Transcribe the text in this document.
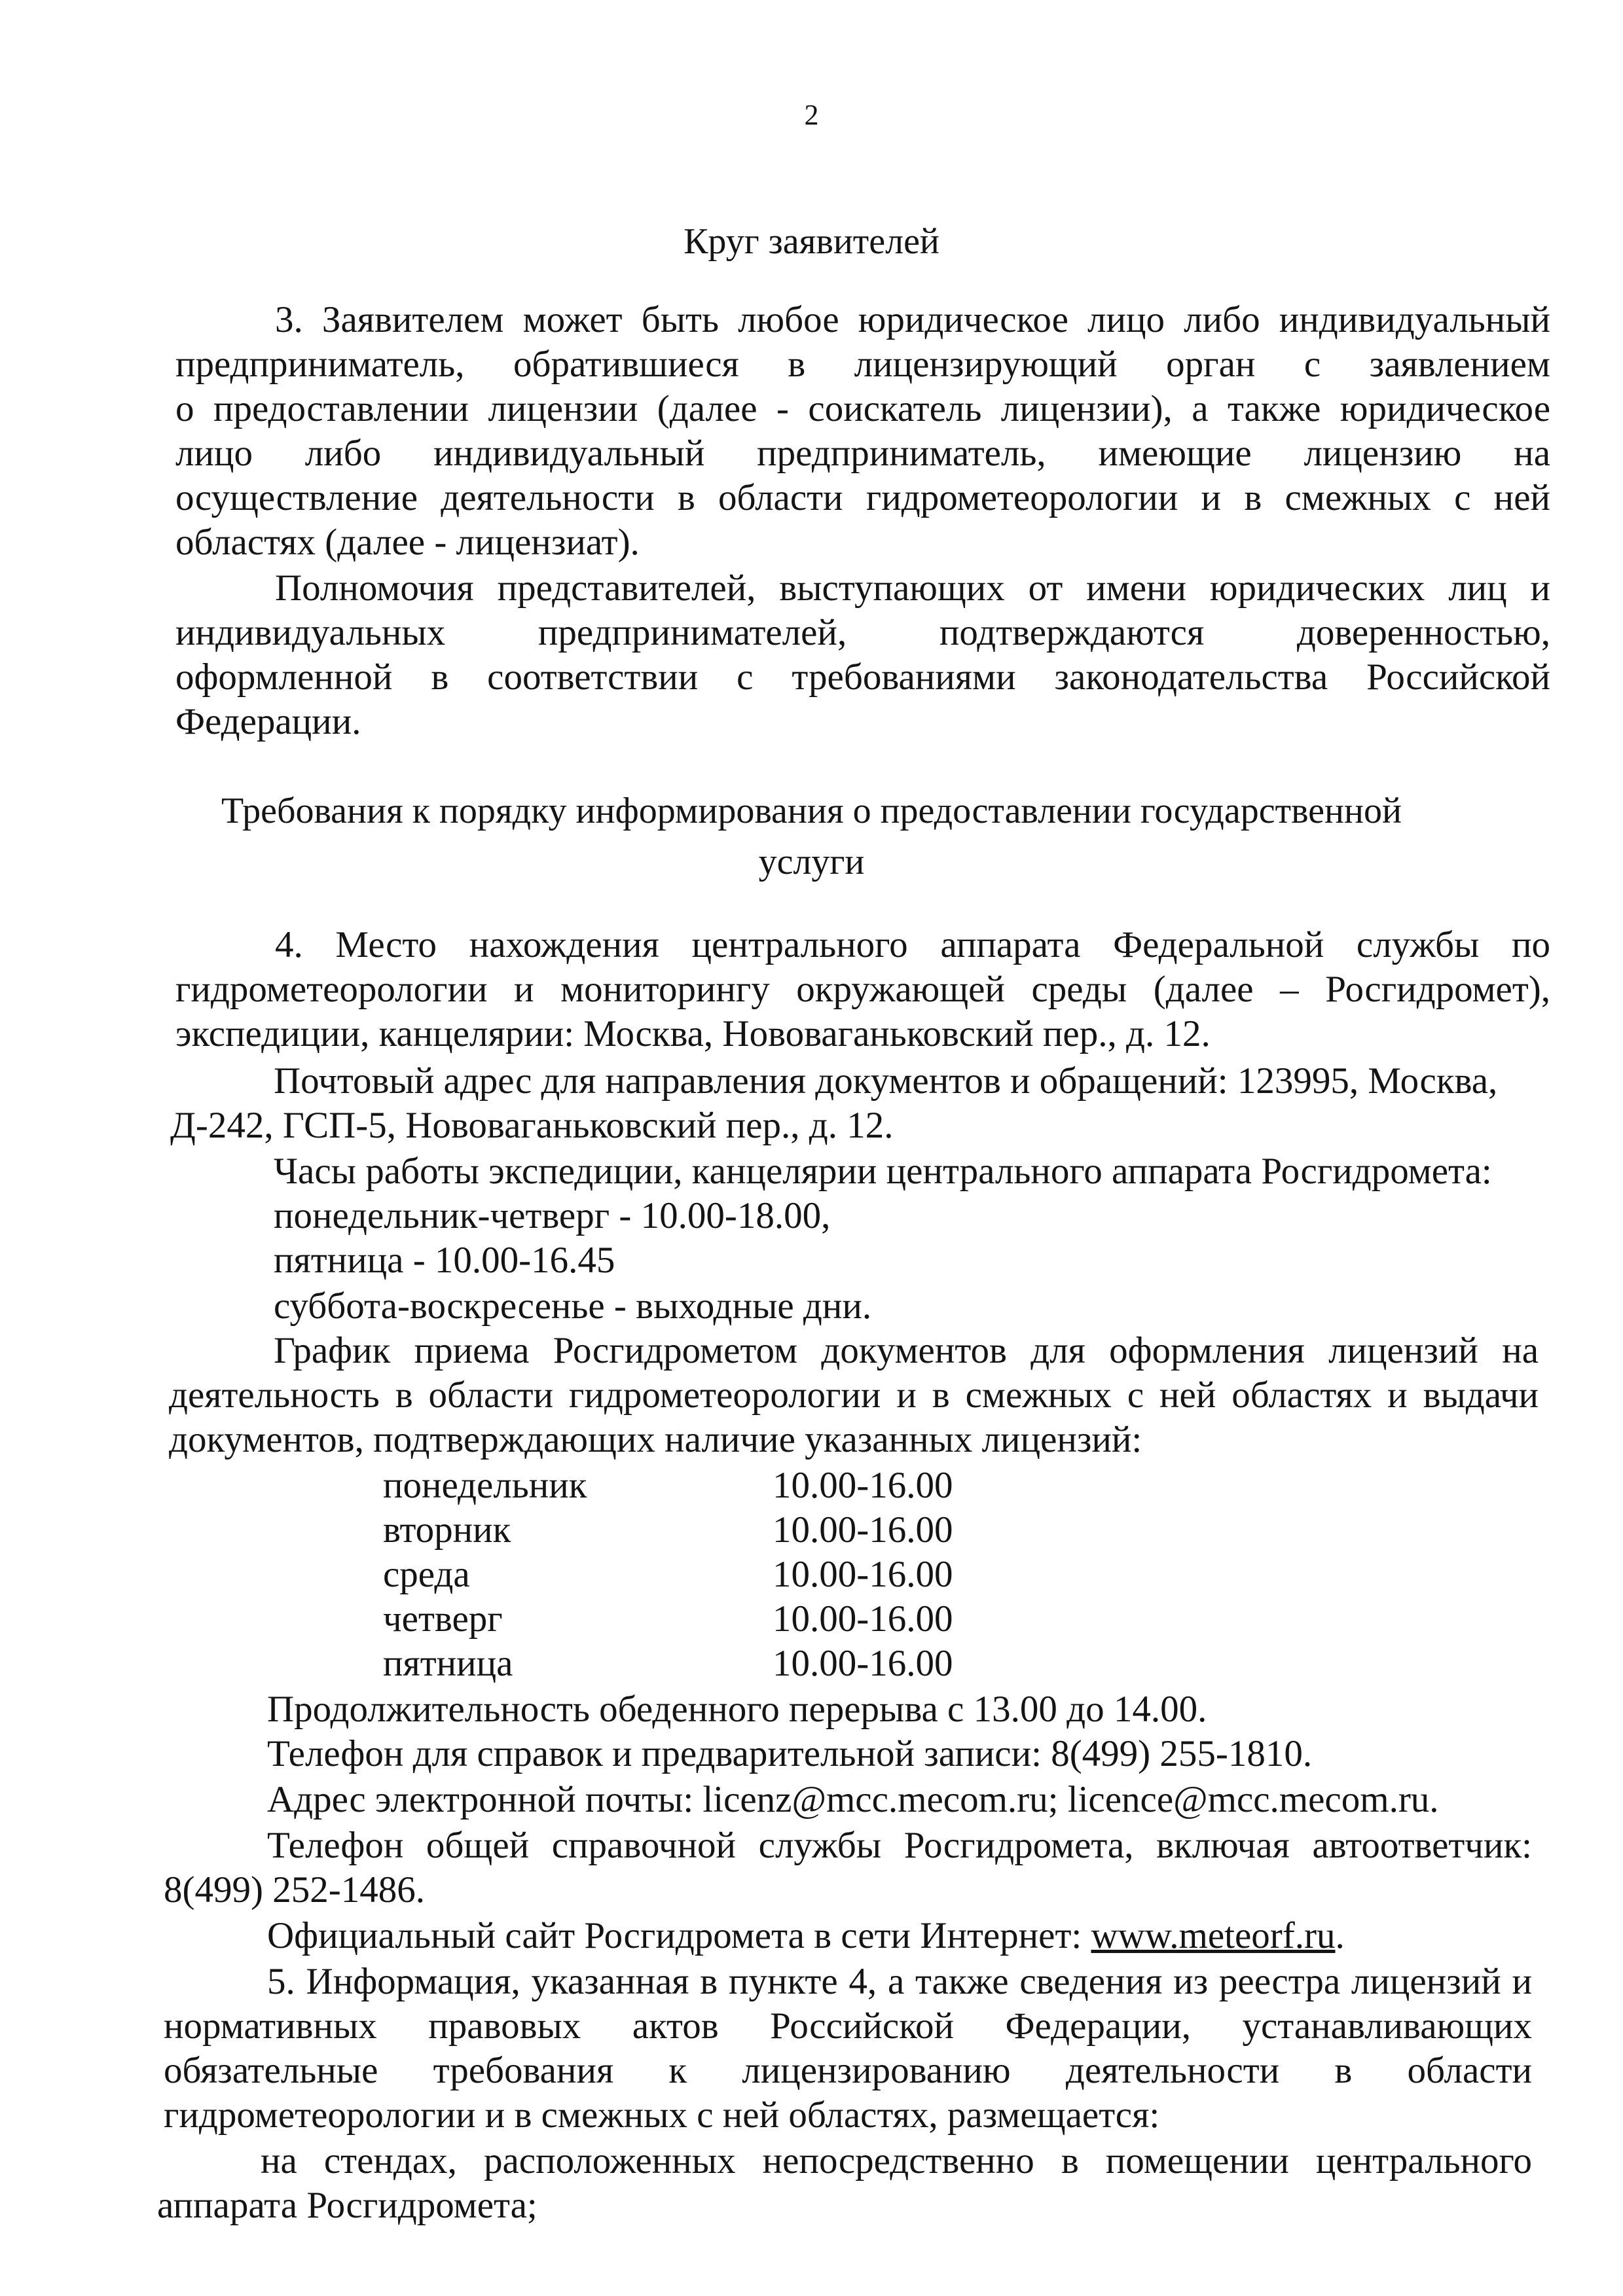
2
Круг заявителей
3. Заявителем может быть любое юридическое лицо либо индивидуальный
предприниматель, обратившиеся в лицензирующий орган с заявлением
о предоставлении лицензии (далее - соискатель лицензии), а также юридическое
лицо либо индивидуальный предприниматель, имеющие лицензию на
осуществление деятельности в области гидрометеорологии и в смежных с ней
областях (далее - лицензиат).
Полномочия представителей, выступающих от имени юридических лиц и
индивидуальных предпринимателей, подтверждаются доверенностью,
оформленной в соответствии с требованиями законодательства Российской
Федерации.
Требования к порядку информирования о предоставлении государственной
услуги
4. Место нахождения центрального аппарата Федеральной службы по
гидрометеорологии и мониторингу окружающей среды (далее – Росгидромет),
экспедиции, канцелярии: Москва, Нововаганьковский пер., д. 12.
Почтовый адрес для направления документов и обращений: 123995, Москва,
Д-242, ГСП-5, Нововаганьковский пер., д. 12.
Часы работы экспедиции, канцелярии центрального аппарата Росгидромета:
понедельник-четверг - 10.00-18.00,
пятница - 10.00-16.45
суббота-воскресенье - выходные дни.
График приема Росгидрометом документов для оформления лицензий на
деятельность в области гидрометеорологии и в смежных с ней областях и выдачи
документов, подтверждающих наличие указанных лицензий:
понедельник	10.00-16.00
вторник	10.00-16.00
среда	10.00-16.00
четверг	10.00-16.00
пятница	10.00-16.00
Продолжительность обеденного перерыва с 13.00 до 14.00.
Телефон для справок и предварительной записи: 8(499) 255-1810.
Адрес электронной почты: licenz@mcc.mecom.ru; licence@mcc.mecom.ru.
Телефон общей справочной службы Росгидромета, включая автоответчик:
8(499) 252-1486.
Официальный сайт Росгидромета в сети Интернет: www.meteorf.ru.
5. Информация, указанная в пункте 4, а также сведения из реестра лицензий и
нормативных правовых актов Российской Федерации, устанавливающих
обязательные требования к лицензированию деятельности в области
гидрометеорологии и в смежных с ней областях, размещается:
на стендах, расположенных непосредственно в помещении центрального
аппарата Росгидромета;
